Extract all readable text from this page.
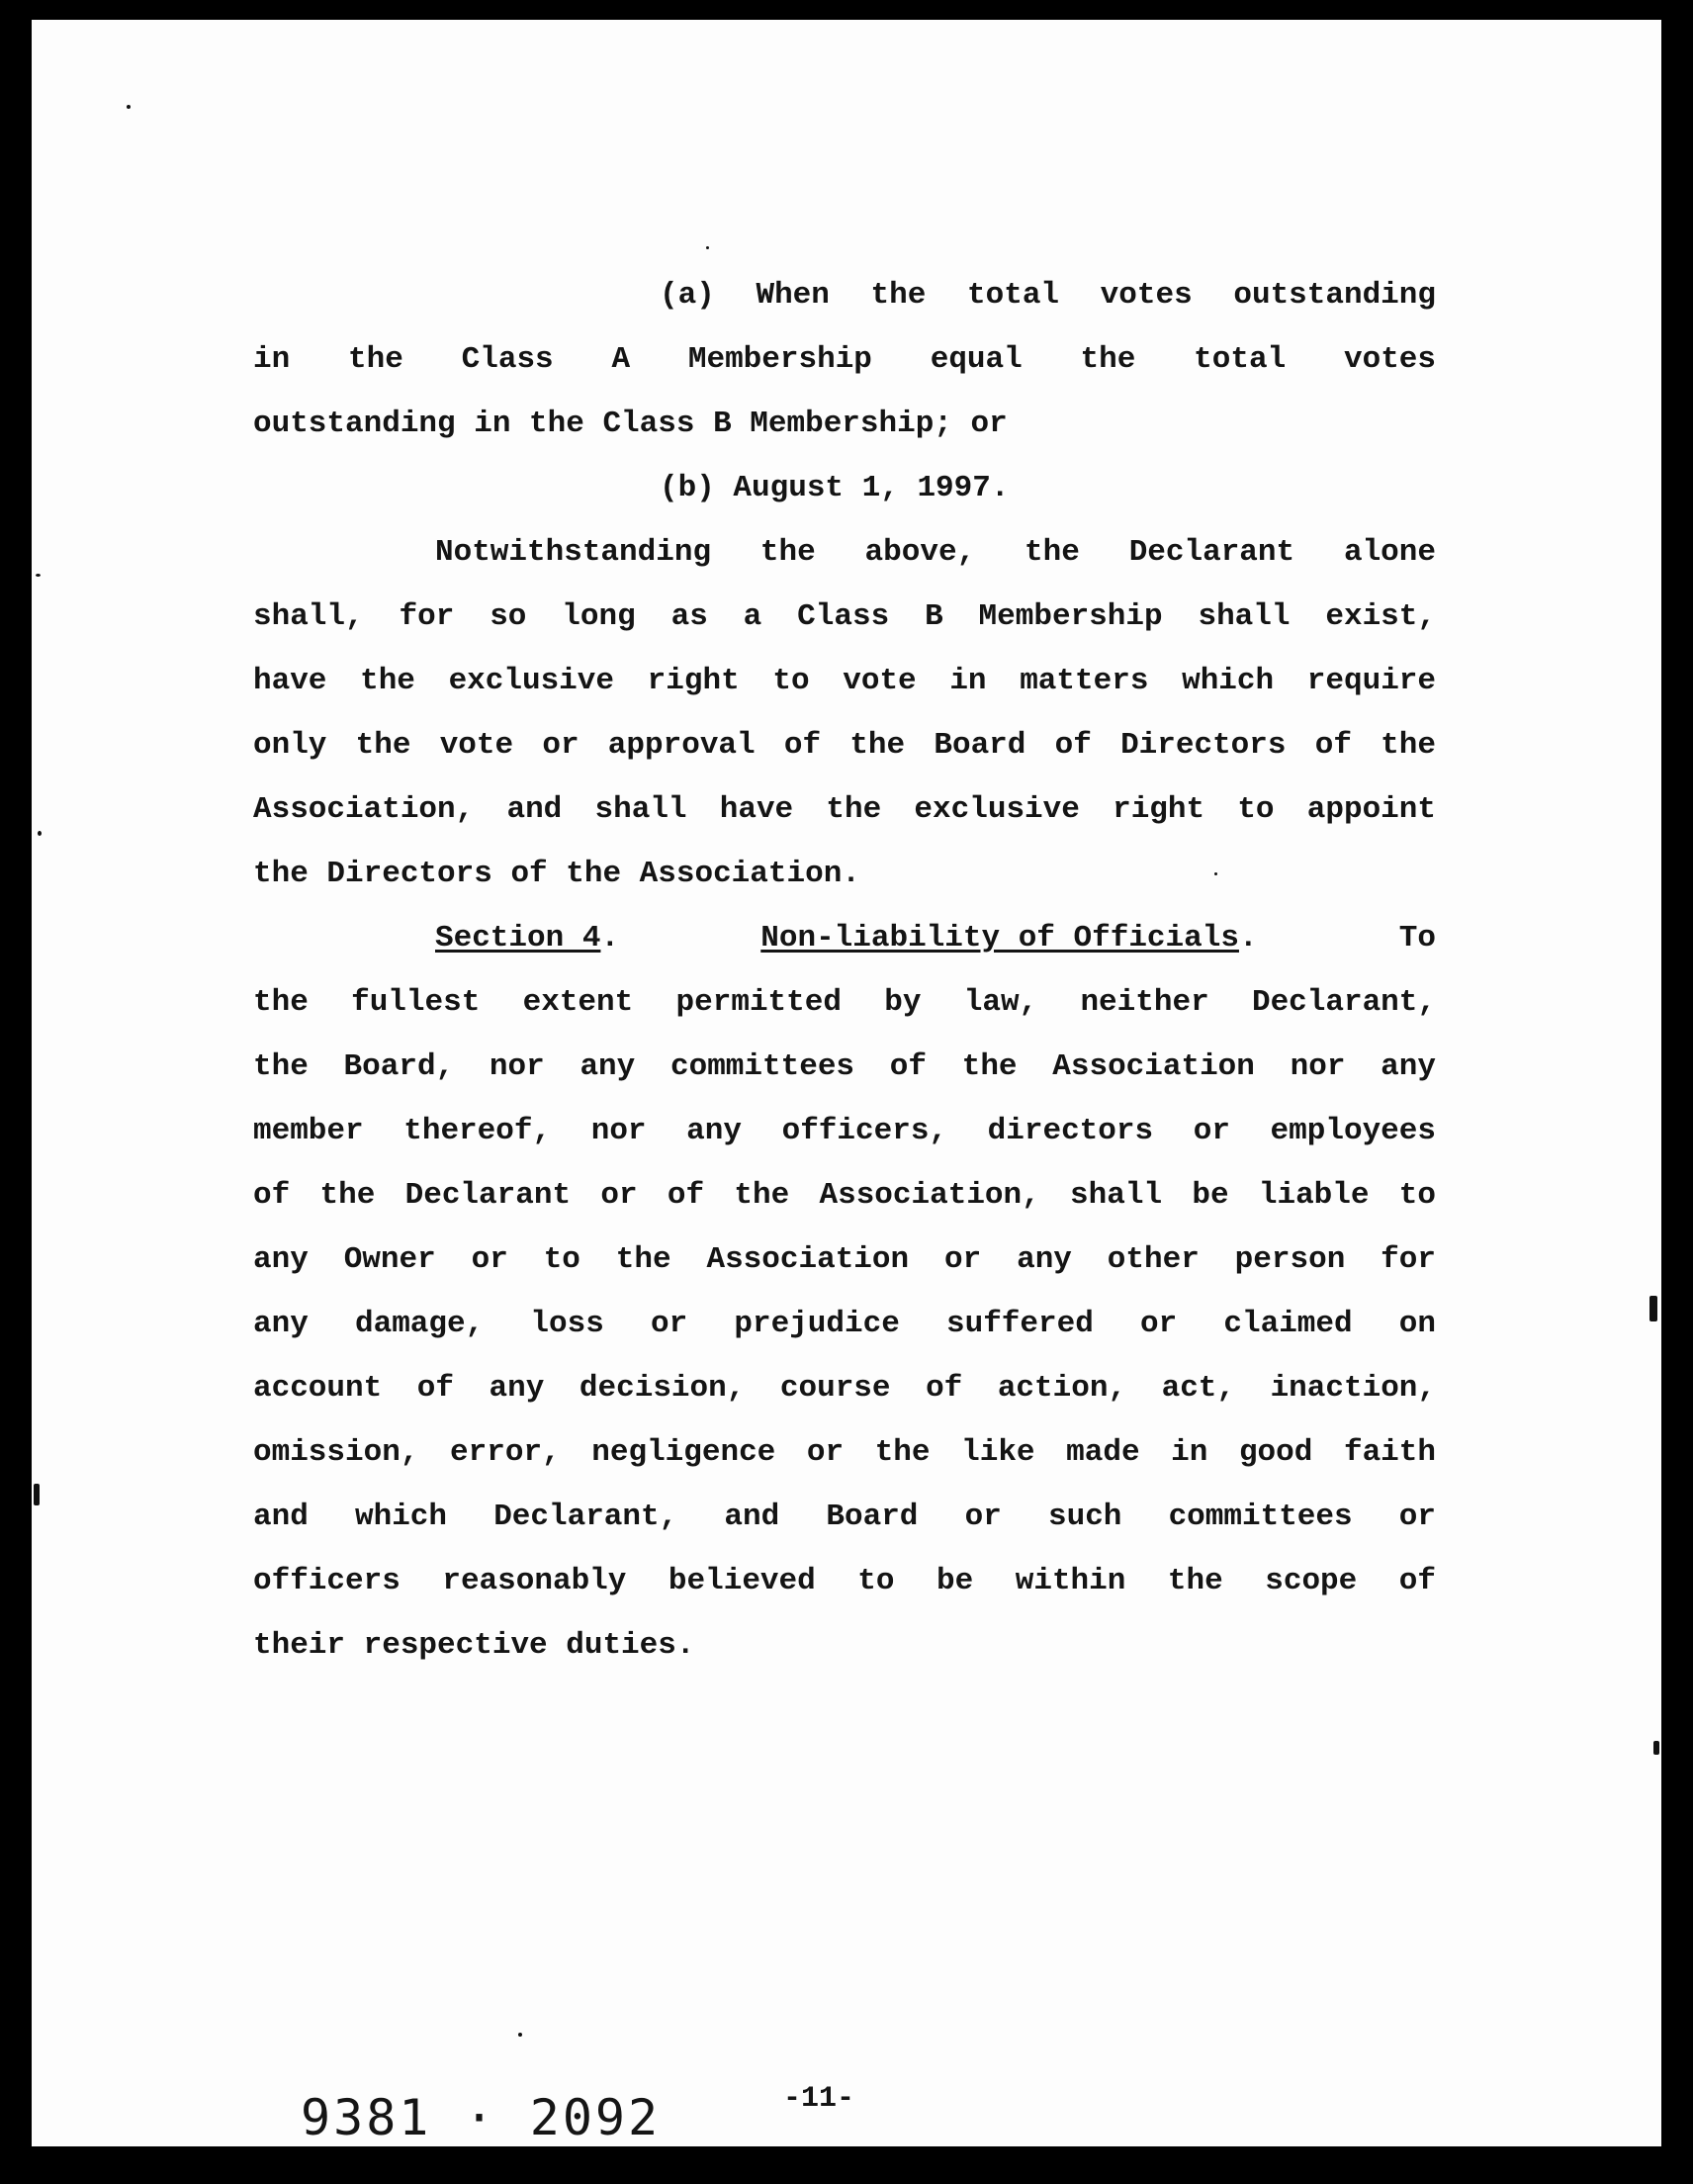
(a) When the total votes outstanding
in the Class A Membership equal the total votes
outstanding in the Class B Membership; or
(b) August 1, 1997.
Notwithstanding the above, the Declarant alone
shall, for so long as a Class B Membership shall exist,
have the exclusive right to vote in matters which require
only the vote or approval of the Board of Directors of the
Association, and shall have the exclusive right to appoint
the Directors of the Association.
Section 4.	Non-liability of Officials.	To
the fullest extent permitted by law, neither Declarant,
the Board, nor any committees of the Association nor any
member thereof, nor any officers, directors or employees
of the Declarant or of the Association, shall be liable to
any Owner or to the Association or any other person for
any damage, loss or prejudice suffered or claimed on
account of any decision, course of action, act, inaction,
omission, error, negligence or the like made in good faith
and which Declarant, and Board or such committees or
officers reasonably believed to be within the scope of
their respective duties.
-11-
9381 · 2092
